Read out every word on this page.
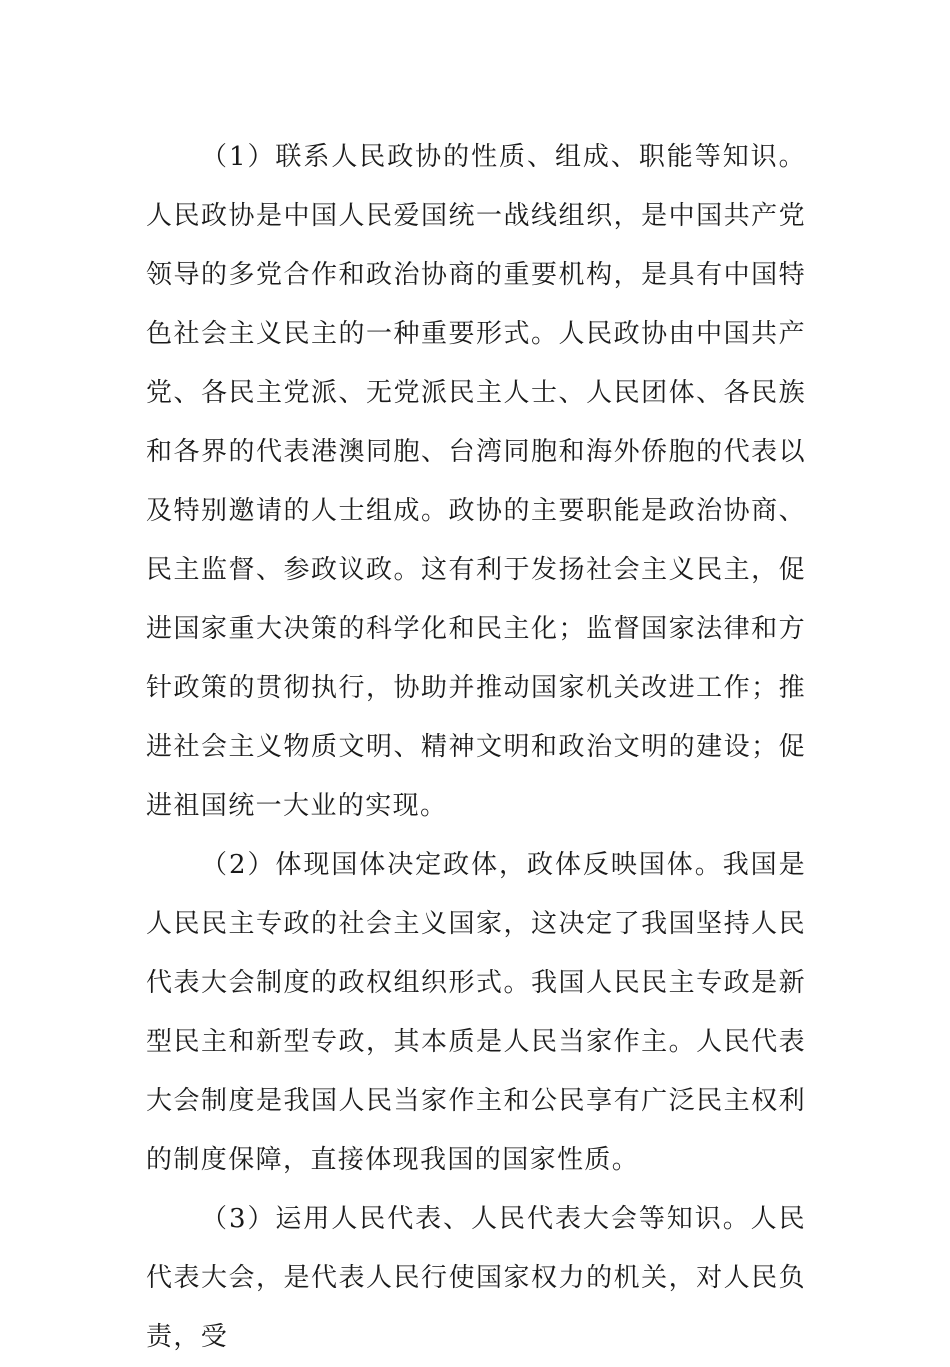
（1）联系人民政协的性质、组成、职能等知识。人民政协是中国人民爱国统一战线组织，是中国共产党领导的多党合作和政治协商的重要机构，是具有中国特色社会主义民主的一种重要形式。人民政协由中国共产党、各民主党派、无党派民主人士、人民团体、各民族和各界的代表港澳同胞、台湾同胞和海外侨胞的代表以及特别邀请的人士组成。政协的主要职能是政治协商、民主监督、参政议政。这有利于发扬社会主义民主，促进国家重大决策的科学化和民主化；监督国家法律和方针政策的贯彻执行，协助并推动国家机关改进工作；推进社会主义物质文明、精神文明和政治文明的建设；促进祖国统一大业的实现。

（2）体现国体决定政体，政体反映国体。我国是人民民主专政的社会主义国家，这决定了我国坚持人民代表大会制度的政权组织形式。我国人民民主专政是新型民主和新型专政，其本质是人民当家作主。人民代表大会制度是我国人民当家作主和公民享有广泛民主权利的制度保障，直接体现我国的国家性质。

（3）运用人民代表、人民代表大会等知识。人民代表大会，是代表人民行使国家权力的机关，对人民负责，受
